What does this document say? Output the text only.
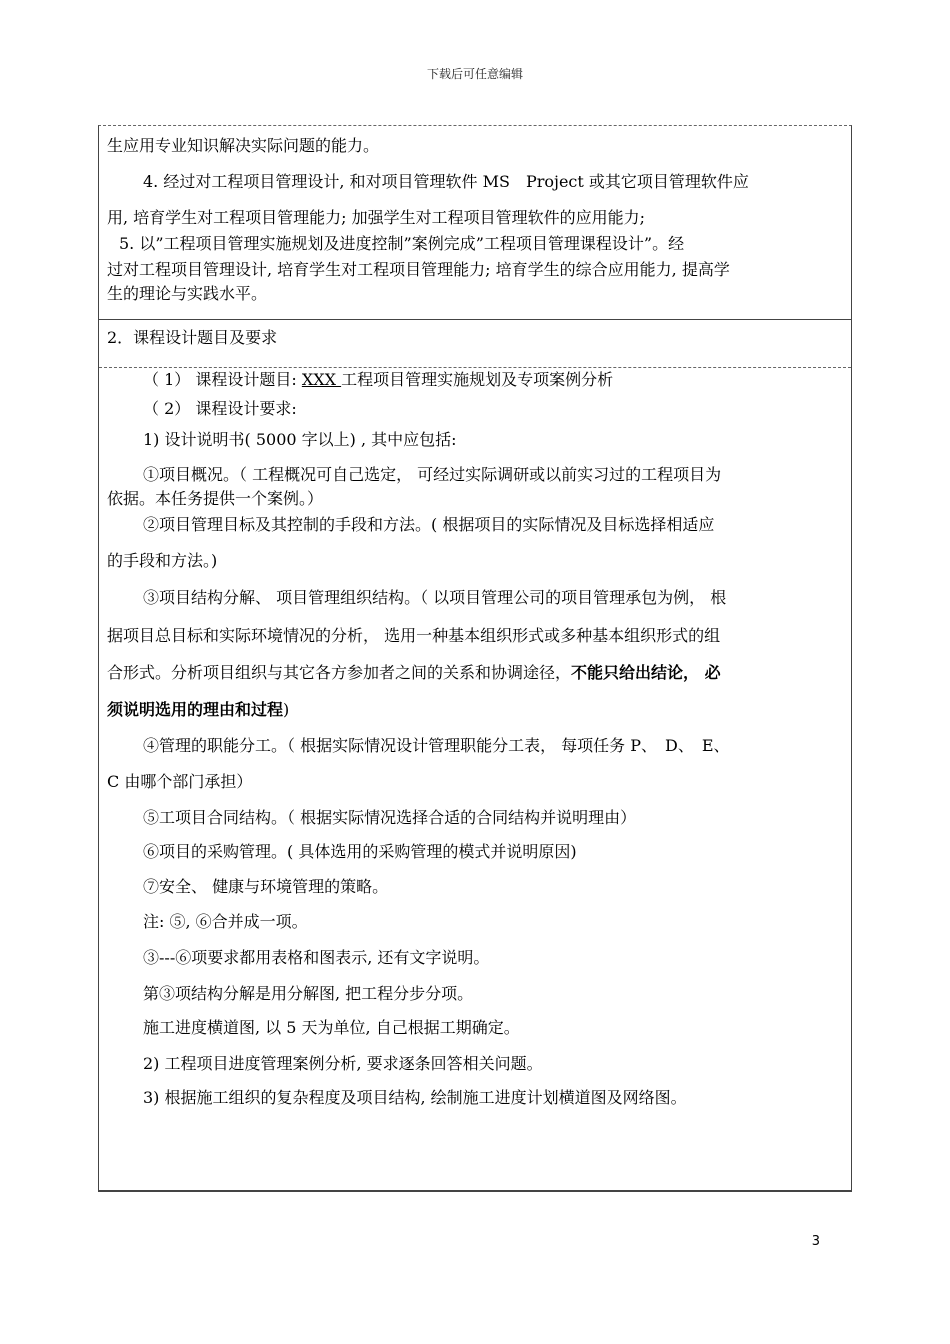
下载后可任意编辑
生应用专业知识解决实际问题的能力。
4. 经过对工程项目管理设计, 和对项目管理软件 MS　Project 或其它项目管理软件应
用, 培育学生对工程项目管理能力; 加强学生对工程项目管理软件的应用能力;
5. 以”工程项目管理实施规划及进度控制”案例完成”工程项目管理课程设计”。经
过对工程项目管理设计, 培育学生对工程项目管理能力; 培育学生的综合应用能力, 提高学
生的理论与实践水平。
2．课程设计题目及要求
（ 1） 课程设计题目: XXX 工程项目管理实施规划及专项案例分析
（ 2） 课程设计要求:
1) 设计说明书( 5000 字以上) , 其中应包括:
①项目概况。（ 工程概况可自己选定， 可经过实际调研或以前实习过的工程项目为
依据。本任务提供一个案例。）
②项目管理目标及其控制的手段和方法。( 根据项目的实际情况及目标选择相适应
的手段和方法。)
③项目结构分解、 项目管理组织结构。（ 以项目管理公司的项目管理承包为例， 根
据项目总目标和实际环境情况的分析， 选用一种基本组织形式或多种基本组织形式的组
合形式。分析项目组织与其它各方参加者之间的关系和协调途径，不能只给出结论， 必
须说明选用的理由和过程)
④管理的职能分工。（ 根据实际情况设计管理职能分工表， 每项任务 P、　D、　E、
C 由哪个部门承担）
⑤工项目合同结构。（ 根据实际情况选择合适的合同结构并说明理由）
⑥项目的采购管理。( 具体选用的采购管理的模式并说明原因)
⑦安全、 健康与环境管理的策略。
注: ⑤, ⑥合并成一项。
③---⑥项要求都用表格和图表示, 还有文字说明。
第③项结构分解是用分解图, 把工程分步分项。
施工进度横道图, 以 5 天为单位, 自己根据工期确定。
2) 工程项目进度管理案例分析, 要求逐条回答相关问题。
3) 根据施工组织的复杂程度及项目结构, 绘制施工进度计划横道图及网络图。
3
